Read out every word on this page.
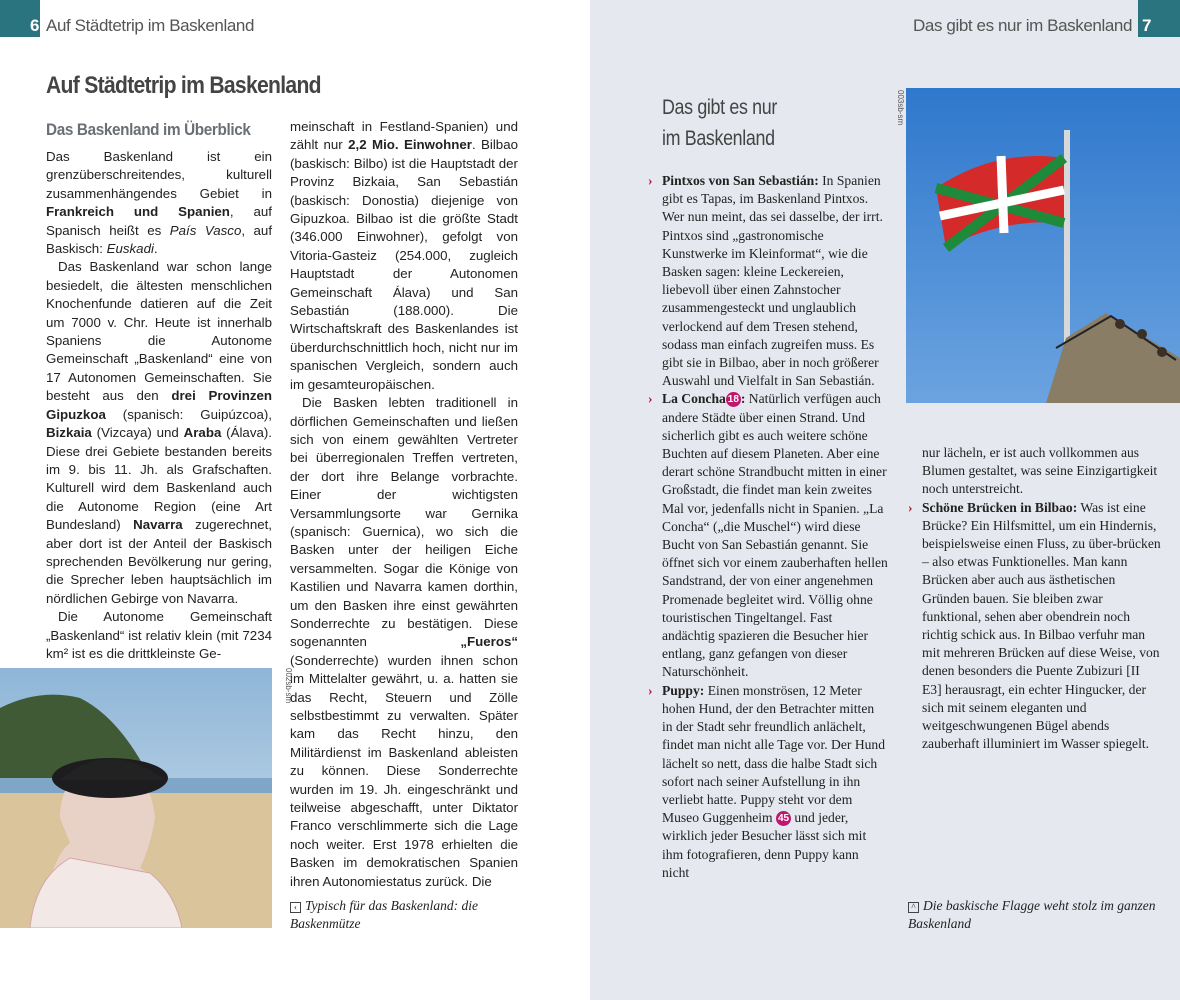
6 Auf Städtetrip im Baskenland
Auf Städtetrip im Baskenland
Das Baskenland im Überblick

Das Baskenland ist ein grenzüberschreitendes, kulturell zusammenhängendes Gebiet in Frankreich und Spanien, auf Spanisch heißt es País Vasco, auf Baskisch: Euskadi.

Das Baskenland war schon lange besiedelt, die ältesten menschlichen Knochenfunde datieren auf die Zeit um 7000 v. Chr. Heute ist innerhalb Spaniens die Autonome Gemeinschaft „Baskenland“ eine von 17 Autonomen Gemeinschaften. Sie besteht aus den drei Provinzen Gipuzkoa (spanisch: Guipúzcoa), Bizkaia (Vizcaya) und Araba (Álava). Diese drei Gebiete bestanden bereits im 9. bis 11. Jh. als Grafschaften. Kulturell wird dem Baskenland auch die Autonome Region (eine Art Bundesland) Navarra zugerechnet, aber dort ist der Anteil der Baskisch sprechenden Bevölkerung nur gering, die Sprecher leben hauptsächlich im nördlichen Gebirge von Navarra.

Die Autonome Gemeinschaft „Baskenland“ ist relativ klein (mit 7234 km² ist es die drittkleinste Ge-

meinschaft in Festland-Spanien) und zählt nur 2,2 Mio. Einwohner. Bilbao (baskisch: Bilbo) ist die Hauptstadt der Provinz Bizkaia, San Sebastián (baskisch: Donostia) diejenige von Gipuzkoa. Bilbao ist die größte Stadt (346.000 Einwohner), gefolgt von Vitoria-Gasteiz (254.000, zugleich Hauptstadt der Autonomen Gemeinschaft Álava) und San Sebastián (188.000). Die Wirtschaftskraft des Baskenlandes ist überdurchschnittlich hoch, nicht nur im spanischen Vergleich, sondern auch im gesamteuropäischen.

Die Basken lebten traditionell in dörflichen Gemeinschaften und ließen sich von einem gewählten Vertreter bei überregionalen Treffen vertreten, der dort ihre Belange vorbrachte. Einer der wichtigsten Versammlungsorte war Gernika (spanisch: Guernica), wo sich die Basken unter der heiligen Eiche versammelten. Sogar die Könige von Kastilien und Navarra kamen dorthin, um den Basken ihre einst gewährten Sonderrechte zu bestätigen. Diese sogenannten „Fueros“ (Sonderrechte) wurden ihnen schon im Mittelalter gewährt, u. a. hatten sie das Recht, Steuern und Zölle selbstbestimmt zu verwalten. Später kam das Recht hinzu, den Militärdienst im Baskenland ableisten zu können. Diese Sonderrechte wurden im 19. Jh. eingeschränkt und teilweise abgeschafft, unter Diktator Franco verschlimmerte sich die Lage noch weiter. Erst 1978 erhielten die Basken im demokratischen Spanien ihren Autonomiestatus zurück. Die

002sb-sm
‹ Typisch für das Baskenland: die Baskenmütze
7
Das gibt es nur im Baskenland
Das gibt es nur
im Baskenland
003sb-sm
› Pintxos von San Sebastián: In Spanien gibt es Tapas, im Baskenland Pintxos. Wer nun meint, das sei dasselbe, der irrt. Pintxos sind „gastronomische Kunstwerke im Kleinformat“, wie die Basken sagen: kleine Leckereien, liebevoll über einen Zahnstocher zusammengesteckt und unglaublich verlockend auf dem Tresen stehend, sodass man einfach zugreifen muss. Es gibt sie in Bilbao, aber in noch größerer Auswahl und Vielfalt in San Sebastián.
› La Concha 18 : Natürlich verfügen auch andere Städte über einen Strand. Und sicherlich gibt es auch weitere schöne Buchten auf diesem Planeten. Aber eine derart schöne Strandbucht mitten in einer Großstadt, die findet man kein zweites Mal vor, jedenfalls nicht in Spanien. „La Concha“ („die Muschel“) wird diese Bucht von San Sebastián genannt. Sie öffnet sich vor einem zauberhaften hellen Sandstrand, der von einer angenehmen Promenade begleitet wird. Völlig ohne touristischen Tingeltangel. Fast andächtig spazieren die Besucher hier entlang, ganz gefangen von dieser Naturschönheit.
› Puppy: Einen monströsen, 12 Meter hohen Hund, der den Betrachter mitten in der Stadt sehr freundlich anlächelt, findet man nicht alle Tage vor. Der Hund lächelt so nett, dass die halbe Stadt sich sofort nach seiner Aufstellung in ihn verliebt hatte. Puppy steht vor dem Museo Guggenheim 45 und jeder, wirklich jeder Besucher lässt sich mit ihm fotografieren, denn Puppy kann nicht
nur lächeln, er ist auch vollkommen aus Blumen gestaltet, was seine Einzigartigkeit noch unterstreicht.
› Schöne Brücken in Bilbao: Was ist eine Brücke? Ein Hilfsmittel, um ein Hindernis, beispielsweise einen Fluss, zu über-brücken – also etwas Funktionelles. Man kann Brücken aber auch aus ästhetischen Gründen bauen. Sie bleiben zwar funktional, sehen aber obendrein noch richtig schick aus. In Bilbao verfuhr man mit mehreren Brücken auf diese Weise, von denen besonders die Puente Zubizuri [II E3] herausragt, ein echter Hingucker, der sich mit seinem eleganten und weitgeschwungenen Bügel abends zauberhaft illuminiert im Wasser spiegelt.
^ Die baskische Flagge weht stolz im ganzen Baskenland
